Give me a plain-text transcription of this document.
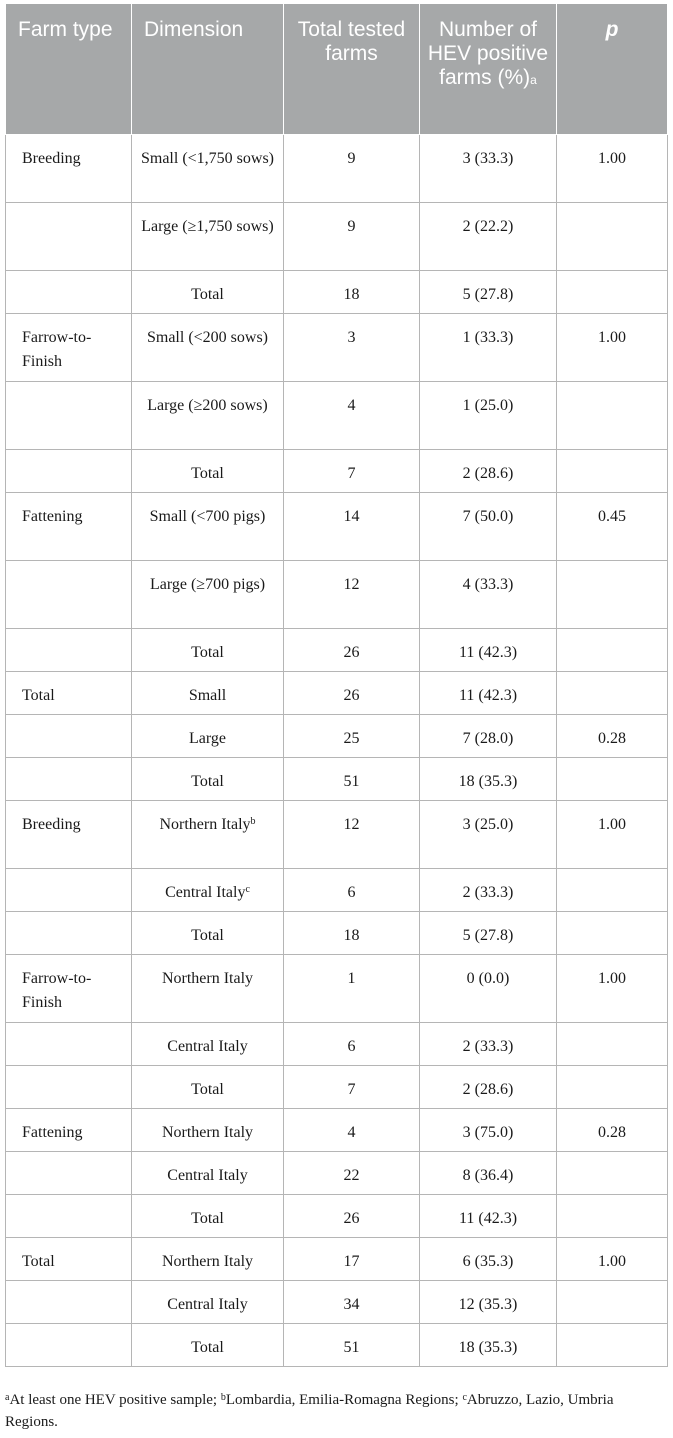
Farm type	Dimension	Total tested farms	Number of HEV positive farms (%)$^a$	p
Breeding	Small (<1,750 sows)	9	3 (33.3)	1.00
	Large (≥1,750 sows)	9	2 (22.2)	
	Total	18	5 (27.8)	
Farrow-to-Finish	Small (<200 sows)	3	1 (33.3)	1.00
	Large (≥200 sows)	4	1 (25.0)	
	Total	7	2 (28.6)	
Fattening	Small (<700 pigs)	14	7 (50.0)	0.45
	Large (≥700 pigs)	12	4 (33.3)	
	Total	26	11 (42.3)	
Total	Small	26	11 (42.3)	
	Large	25	7 (28.0)	0.28
	Total	51	18 (35.3)	
Breeding	Northern Italy$^b$	12	3 (25.0)	1.00
	Central Italy$^c$	6	2 (33.3)	
	Total	18	5 (27.8)	
Farrow-to-Finish	Northern Italy	1	0 (0.0)	1.00
	Central Italy	6	2 (33.3)	
	Total	7	2 (28.6)	
Fattening	Northern Italy	4	3 (75.0)	0.28
	Central Italy	22	8 (36.4)	
	Total	26	11 (42.3)	
Total	Northern Italy	17	6 (35.3)	1.00
	Central Italy	34	12 (35.3)	
	Total	51	18 (35.3)	
$^a$At least one HEV positive sample; $^b$Lombardia, Emilia-Romagna Regions; $^c$Abruzzo, Lazio, Umbria Regions.
